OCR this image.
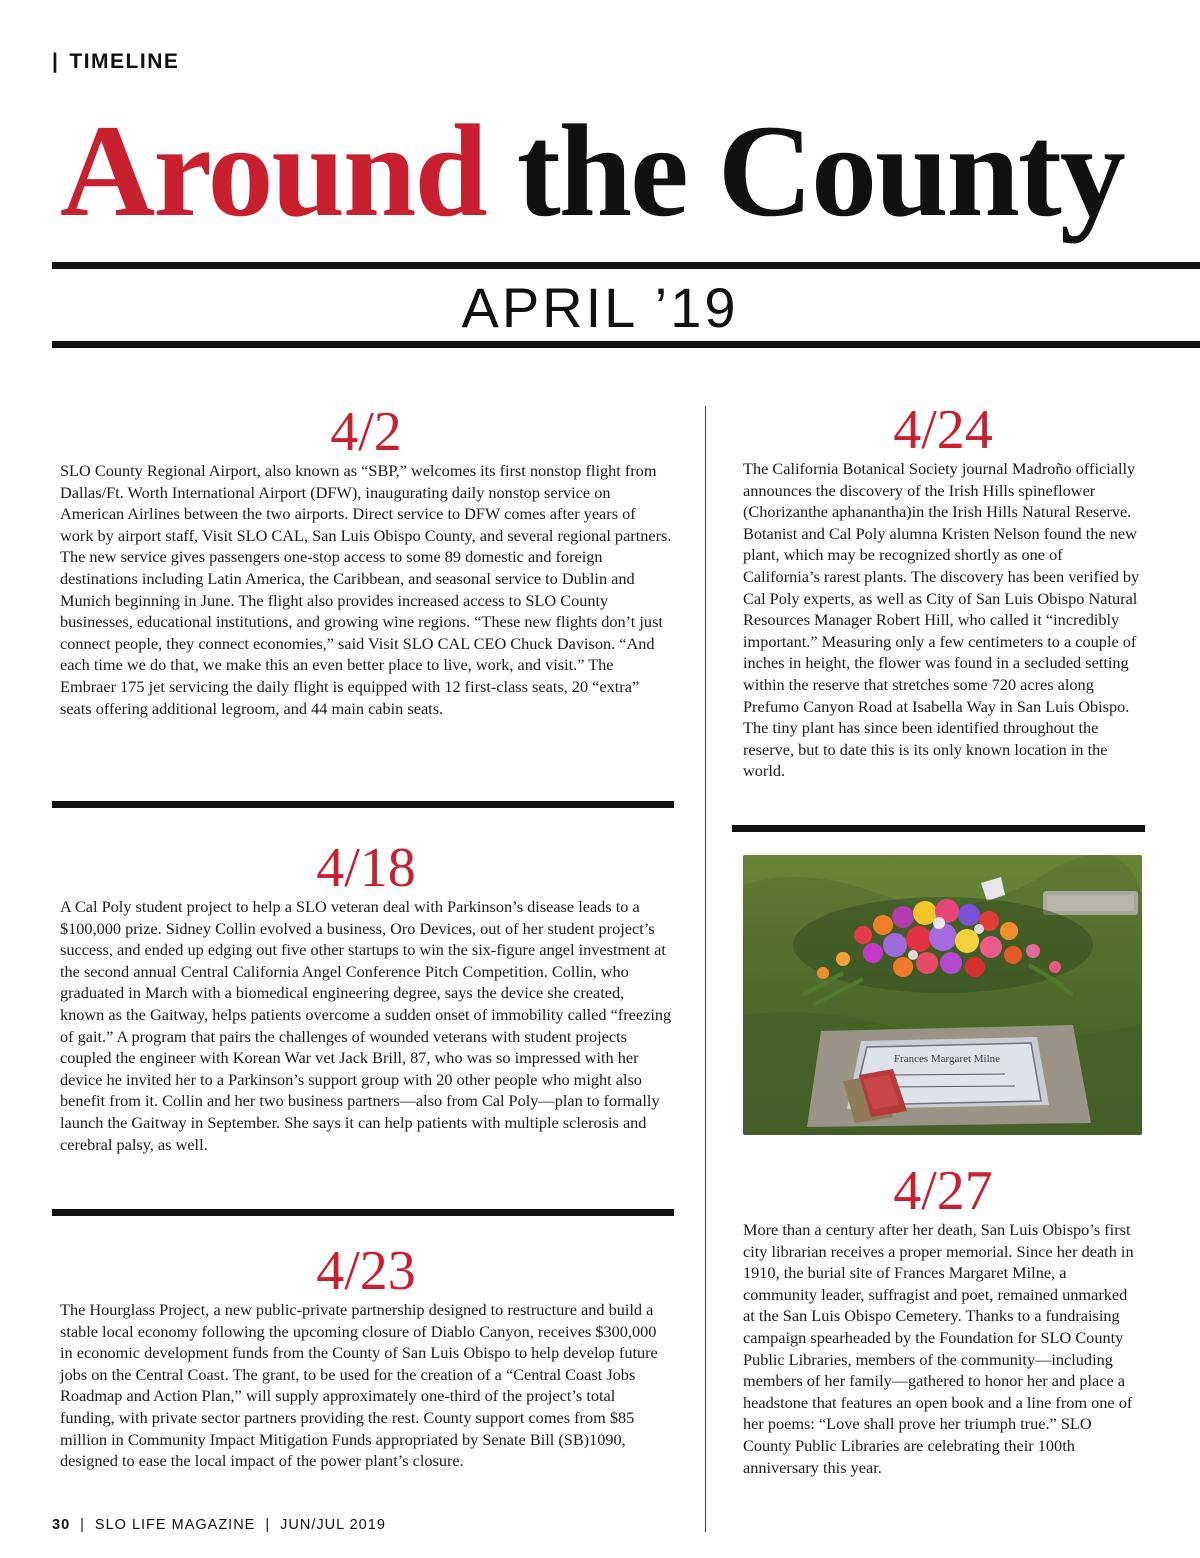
| TIMELINE
Around the County
APRIL ’19
4/2

SLO County Regional Airport, also known as “SBP,” welcomes its first nonstop flight from Dallas/Ft. Worth International Airport (DFW), inaugurating daily nonstop service on American Airlines between the two airports. Direct service to DFW comes after years of work by airport staff, Visit SLO CAL, San Luis Obispo County, and several regional partners. The new service gives passengers one-stop access to some 89 domestic and foreign destinations including Latin America, the Caribbean, and seasonal service to Dublin and Munich beginning in June. The flight also provides increased access to SLO County businesses, educational institutions, and growing wine regions. “These new flights don’t just connect people, they connect economies,” said Visit SLO CAL CEO Chuck Davison. “And each time we do that, we make this an even better place to live, work, and visit.” The Embraer 175 jet servicing the daily flight is equipped with 12 first-class seats, 20 “extra” seats offering additional legroom, and 44 main cabin seats.

4/18

A Cal Poly student project to help a SLO veteran deal with Parkinson’s disease leads to a $100,000 prize. Sidney Collin evolved a business, Oro Devices, out of her student project’s success, and ended up edging out five other startups to win the six-figure angel investment at the second annual Central California Angel Conference Pitch Competition. Collin, who graduated in March with a biomedical engineering degree, says the device she created, known as the Gaitway, helps patients overcome a sudden onset of immobility called “freezing of gait.” A program that pairs the challenges of wounded veterans with student projects coupled the engineer with Korean War vet Jack Brill, 87, who was so impressed with her device he invited her to a Parkinson’s support group with 20 other people who might also benefit from it. Collin and her two business partners—also from Cal Poly—plan to formally launch the Gaitway in September. She says it can help patients with multiple sclerosis and cerebral palsy, as well.

4/23

The Hourglass Project, a new public-private partnership designed to restructure and build a stable local economy following the upcoming closure of Diablo Canyon, receives $300,000 in economic development funds from the County of San Luis Obispo to help develop future jobs on the Central Coast. The grant, to be used for the creation of a “Central Coast Jobs Roadmap and Action Plan,” will supply approximately one-third of the project’s total funding, with private sector partners providing the rest. County support comes from $85 million in Community Impact Mitigation Funds appropriated by Senate Bill (SB)1090, designed to ease the local impact of the power plant’s closure.

4/24

The California Botanical Society journal Madroño officially announces the discovery of the Irish Hills spineflower (Chorizanthe aphanantha)in the Irish Hills Natural Reserve. Botanist and Cal Poly alumna Kristen Nelson found the new plant, which may be recognized shortly as one of California’s rarest plants. The discovery has been verified by Cal Poly experts, as well as City of San Luis Obispo Natural Resources Manager Robert Hill, who called it “incredibly important.” Measuring only a few centimeters to a couple of inches in height, the flower was found in a secluded setting within the reserve that stretches some 720 acres along Prefumo Canyon Road at Isabella Way in San Luis Obispo. The tiny plant has since been identified throughout the reserve, but to date this is its only known location in the world.

Frances Margaret Milne
4/27

More than a century after her death, San Luis Obispo’s first city librarian receives a proper memorial. Since her death in 1910, the burial site of Frances Margaret Milne, a community leader, suffragist and poet, remained unmarked at the San Luis Obispo Cemetery. Thanks to a fundraising campaign spearheaded by the Foundation for SLO County Public Libraries, members of the community—including members of her family—gathered to honor her and place a headstone that features an open book and a line from one of her poems: “Love shall prove her triumph true.” SLO County Public Libraries are celebrating their 100th anniversary this year.

30 | SLO LIFE MAGAZINE | JUN/JUL 2019
